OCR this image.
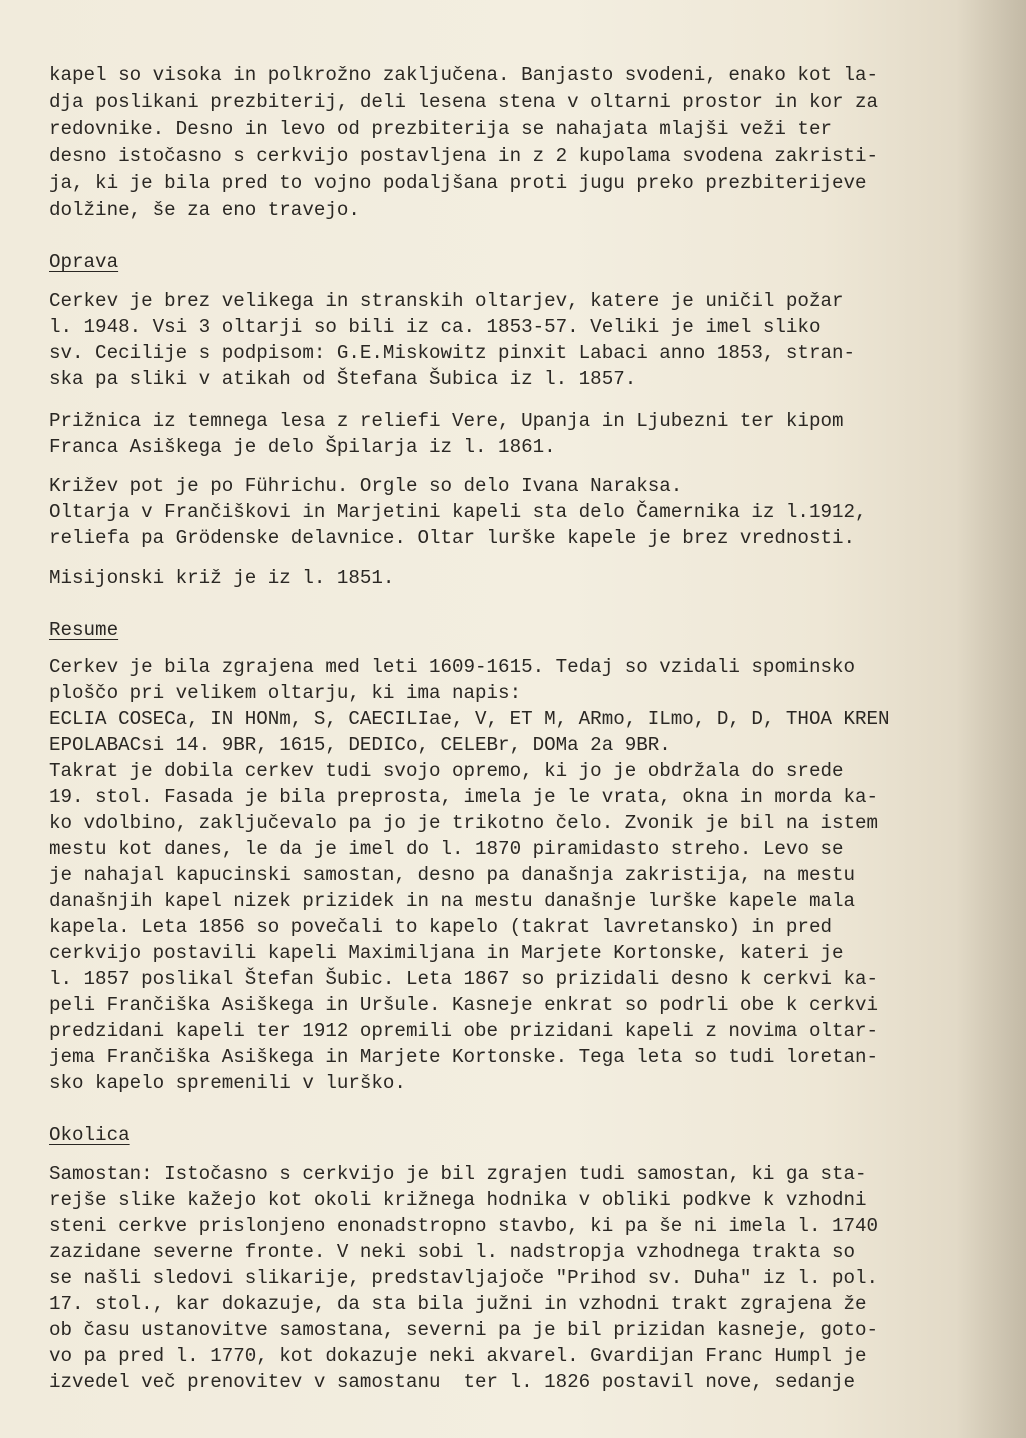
kapel so visoka in polkrožno zaključena. Banjasto svodeni, enako kot la-

dja poslikani prezbiterij, deli lesena stena v oltarni prostor in kor za

redovnike. Desno in levo od prezbiterija se nahajata mlajši veži ter

desno istočasno s cerkvijo postavljena in z 2 kupolama svodena zakristi-

ja, ki je bila pred to vojno podaljšana proti jugu preko prezbiterijeve

dolžine, še za eno travejo.

Oprava

Cerkev je brez velikega in stranskih oltarjev, katere je uničil požar

l. 1948. Vsi 3 oltarji so bili iz ca. 1853-57. Veliki je imel sliko

sv. Cecilije s podpisom: G.E.Miskowitz pinxit Labaci anno 1853, stran-

ska pa sliki v atikah od Štefana Šubica iz l. 1857.

Prižnica iz temnega lesa z reliefi Vere, Upanja in Ljubezni ter kipom

Franca Asiškega je delo Špilarja iz l. 1861.

Križev pot je po Führichu. Orgle so delo Ivana Naraksa.

Oltarja v Frančiškovi in Marjetini kapeli sta delo Čamernika iz l.1912,

reliefa pa Grödenske delavnice. Oltar lurške kapele je brez vrednosti.

Misijonski križ je iz l. 1851.

Resume

Cerkev je bila zgrajena med leti 1609-1615. Tedaj so vzidali spominsko

ploščo pri velikem oltarju, ki ima napis:

ECLIA COSECa, IN HONm, S, CAECILIae, V, ET M, ARmo, ILmo, D, D, THOA KREN

EPOLABACsi 14. 9BR, 1615, DEDICo, CELEBr, DOMa 2a 9BR.

Takrat je dobila cerkev tudi svojo opremo, ki jo je obdržala do srede

19. stol. Fasada je bila preprosta, imela je le vrata, okna in morda ka-

ko vdolbino, zaključevalo pa jo je trikotno čelo. Zvonik je bil na istem

mestu kot danes, le da je imel do l. 1870 piramidasto streho. Levo se

je nahajal kapucinski samostan, desno pa današnja zakristija, na mestu

današnjih kapel nizek prizidek in na mestu današnje lurške kapele mala

kapela. Leta 1856 so povečali to kapelo (takrat lavretansko) in pred

cerkvijo postavili kapeli Maximiljana in Marjete Kortonske, kateri je

l. 1857 poslikal Štefan Šubic. Leta 1867 so prizidali desno k cerkvi ka-

peli Frančiška Asiškega in Uršule. Kasneje enkrat so podrli obe k cerkvi

predzidani kapeli ter 1912 opremili obe prizidani kapeli z novima oltar-

jema Frančiška Asiškega in Marjete Kortonske. Tega leta so tudi loretan-

sko kapelo spremenili v lurško.

Okolica

Samostan: Istočasno s cerkvijo je bil zgrajen tudi samostan, ki ga sta-

rejše slike kažejo kot okoli križnega hodnika v obliki podkve k vzhodni

steni cerkve prislonjeno enonadstropno stavbo, ki pa še ni imela l. 1740

zazidane severne fronte. V neki sobi l. nadstropja vzhodnega trakta so

se našli sledovi slikarije, predstavljajoče "Prihod sv. Duha" iz l. pol.

17. stol., kar dokazuje, da sta bila južni in vzhodni trakt zgrajena že

ob času ustanovitve samostana, severni pa je bil prizidan kasneje, goto-

vo pa pred l. 1770, kot dokazuje neki akvarel. Gvardijan Franc Humpl je

izvedel več prenovitev v samostanu  ter l. 1826 postavil nove, sedanje
